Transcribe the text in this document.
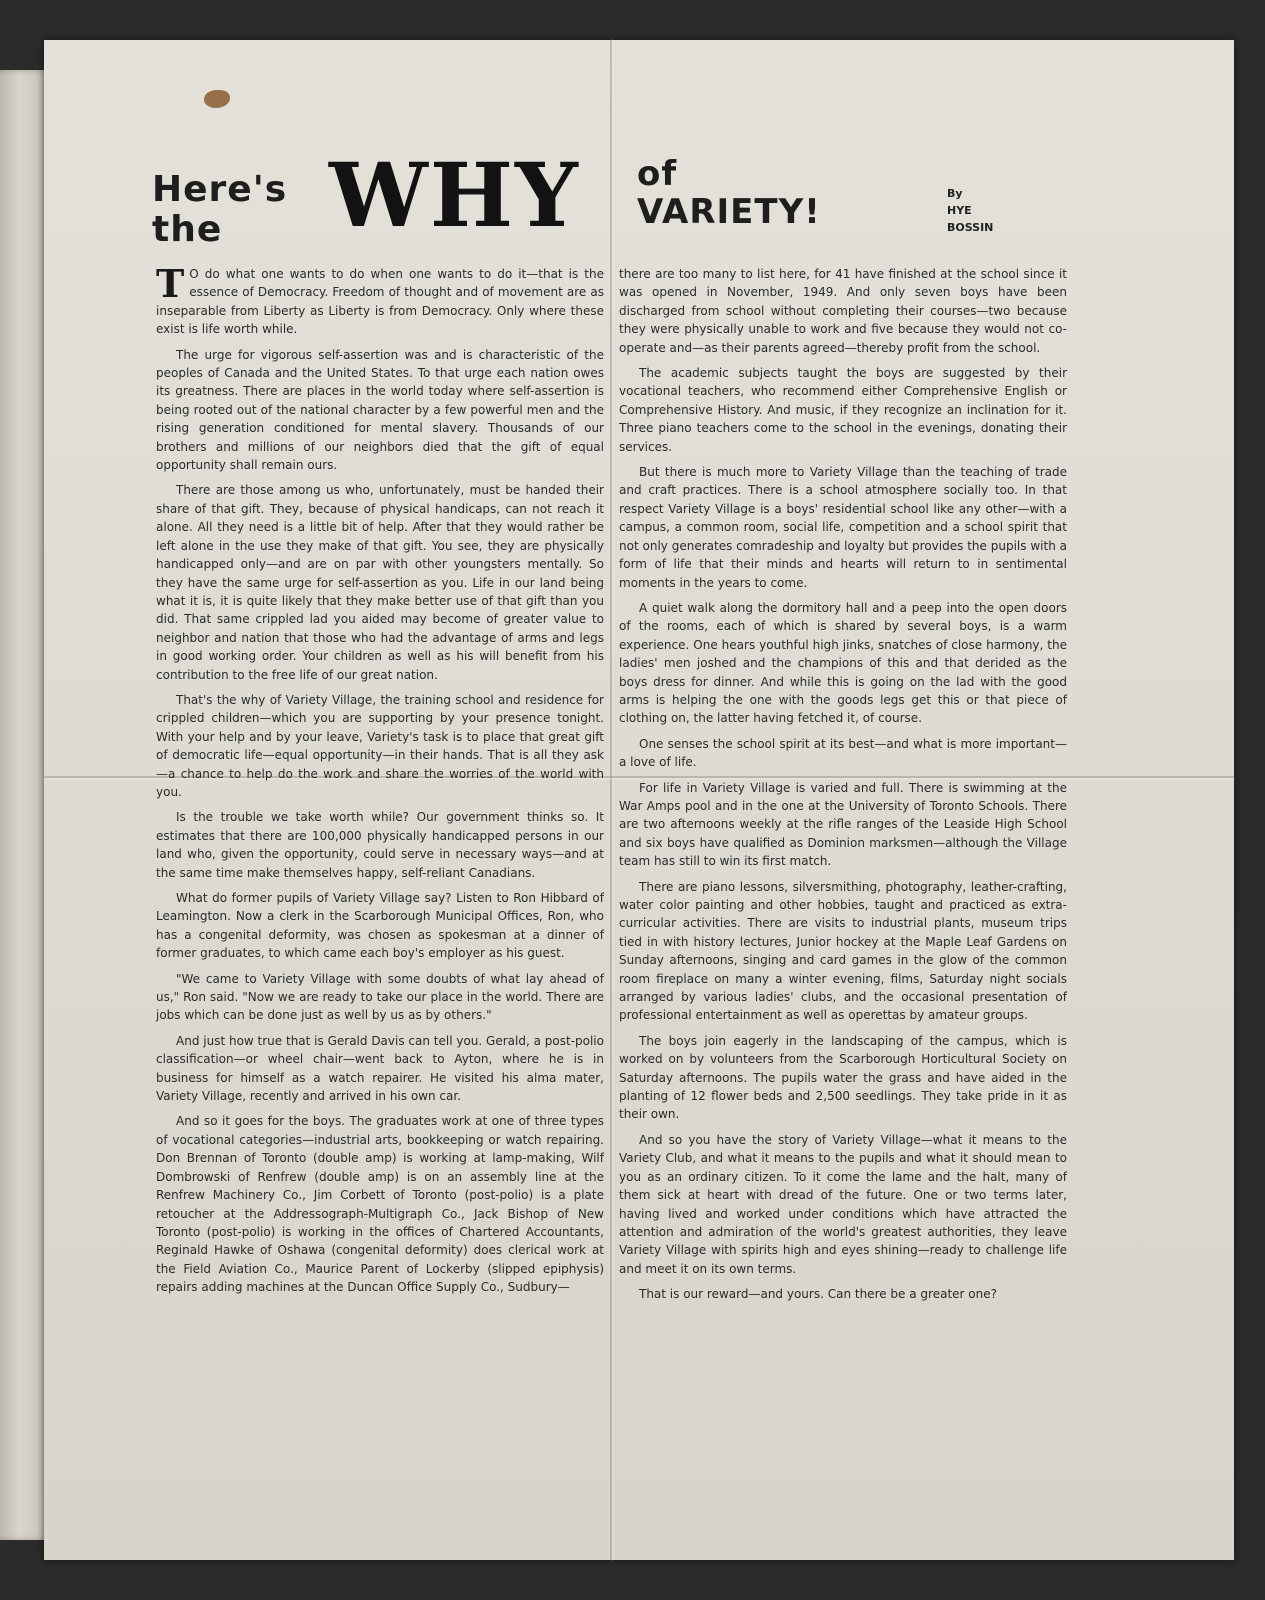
Here's
the	WHY of
VARIETY!	By
HYE
BOSSIN

T O do what one wants to do when one wants to do it—that is the essence of Democracy. Freedom of thought and of movement are as inseparable from Liberty as Liberty is from Democracy. Only where these exist is life worth while.

The urge for vigorous self-assertion was and is characteristic of the peoples of Canada and the United States. To that urge each nation owes its greatness. There are places in the world today where self-assertion is being rooted out of the national character by a few powerful men and the rising generation conditioned for mental slavery. Thousands of our brothers and millions of our neighbors died that the gift of equal opportunity shall remain ours.

There are those among us who, unfortunately, must be handed their share of that gift. They, because of physical handicaps, can not reach it alone. All they need is a little bit of help. After that they would rather be left alone in the use they make of that gift. You see, they are physically handicapped only—and are on par with other youngsters mentally. So they have the same urge for self-assertion as you. Life in our land being what it is, it is quite likely that they make better use of that gift than you did. That same crippled lad you aided may become of greater value to neighbor and nation that those who had the advantage of arms and legs in good working order. Your children as well as his will benefit from his contribution to the free life of our great nation.

That's the why of Variety Village, the training school and residence for crippled children—which you are supporting by your presence tonight. With your help and by your leave, Variety's task is to place that great gift of democratic life—equal opportunity—in their hands. That is all they ask—a chance to help do the work and share the worries of the world with you.

Is the trouble we take worth while? Our government thinks so. It estimates that there are 100,000 physically handicapped persons in our land who, given the opportunity, could serve in necessary ways—and at the same time make themselves happy, self-reliant Canadians.

What do former pupils of Variety Village say? Listen to Ron Hibbard of Leamington. Now a clerk in the Scarborough Municipal Offices, Ron, who has a congenital deformity, was chosen as spokesman at a dinner of former graduates, to which came each boy's employer as his guest.

"We came to Variety Village with some doubts of what lay ahead of us," Ron said. "Now we are ready to take our place in the world. There are jobs which can be done just as well by us as by others."

And just how true that is Gerald Davis can tell you. Gerald, a post-polio classification—or wheel chair—went back to Ayton, where he is in business for himself as a watch repairer. He visited his alma mater, Variety Village, recently and arrived in his own car.

And so it goes for the boys. The graduates work at one of three types of vocational categories—industrial arts, bookkeeping or watch repairing. Don Brennan of Toronto (double amp) is working at lamp-making, Wilf Dombrowski of Renfrew (double amp) is on an assembly line at the Renfrew Machinery Co., Jim Corbett of Toronto (post-polio) is a plate retoucher at the Addressograph-Multigraph Co., Jack Bishop of New Toronto (post-polio) is working in the offices of Chartered Accountants, Reginald Hawke of Oshawa (congenital deformity) does clerical work at the Field Aviation Co., Maurice Parent of Lockerby (slipped epiphysis) repairs adding machines at the Duncan Office Supply Co., Sudbury—

there are too many to list here, for 41 have finished at the school since it was opened in November, 1949. And only seven boys have been discharged from school without completing their courses—two because they were physically unable to work and five because they would not co-operate and—as their parents agreed—thereby profit from the school.

The academic subjects taught the boys are suggested by their vocational teachers, who recommend either Comprehensive English or Comprehensive History. And music, if they recognize an inclination for it. Three piano teachers come to the school in the evenings, donating their services.

But there is much more to Variety Village than the teaching of trade and craft practices. There is a school atmosphere socially too. In that respect Variety Village is a boys' residential school like any other—with a campus, a common room, social life, competition and a school spirit that not only generates comradeship and loyalty but provides the pupils with a form of life that their minds and hearts will return to in sentimental moments in the years to come.

A quiet walk along the dormitory hall and a peep into the open doors of the rooms, each of which is shared by several boys, is a warm experience. One hears youthful high jinks, snatches of close harmony, the ladies' men joshed and the champions of this and that derided as the boys dress for dinner. And while this is going on the lad with the good arms is helping the one with the goods legs get this or that piece of clothing on, the latter having fetched it, of course.

One senses the school spirit at its best—and what is more important—a love of life.

For life in Variety Village is varied and full. There is swimming at the War Amps pool and in the one at the University of Toronto Schools. There are two afternoons weekly at the rifle ranges of the Leaside High School and six boys have qualified as Dominion marksmen—although the Village team has still to win its first match.

There are piano lessons, silversmithing, photography, leather-crafting, water color painting and other hobbies, taught and practiced as extra-curricular activities. There are visits to industrial plants, museum trips tied in with history lectures, Junior hockey at the Maple Leaf Gardens on Sunday afternoons, singing and card games in the glow of the common room fireplace on many a winter evening, films, Saturday night socials arranged by various ladies' clubs, and the occasional presentation of professional entertainment as well as operettas by amateur groups.

The boys join eagerly in the landscaping of the campus, which is worked on by volunteers from the Scarborough Horticultural Society on Saturday afternoons. The pupils water the grass and have aided in the planting of 12 flower beds and 2,500 seedlings. They take pride in it as their own.

And so you have the story of Variety Village—what it means to the Variety Club, and what it means to the pupils and what it should mean to you as an ordinary citizen. To it come the lame and the halt, many of them sick at heart with dread of the future. One or two terms later, having lived and worked under conditions which have attracted the attention and admiration of the world's greatest authorities, they leave Variety Village with spirits high and eyes shining—ready to challenge life and meet it on its own terms.

That is our reward—and yours. Can there be a greater one?
